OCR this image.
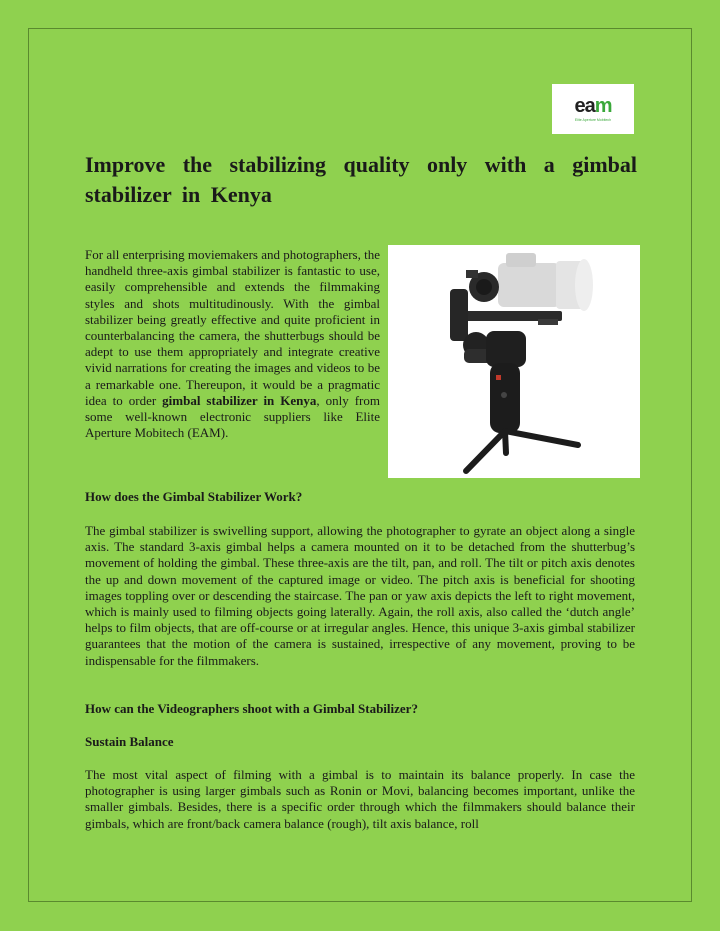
eam
Elite Aperture Mobitech
Improve the stabilizing quality only with a gimbal stabilizer in Kenya

For all enterprising moviemakers and photographers, the handheld three-axis gimbal stabilizer is fantastic to use, easily comprehensible and extends the filmmaking styles and shots multitudinously. With the gimbal stabilizer being greatly effective and quite proficient in counterbalancing the camera, the shutterbugs should be adept to use them appropriately and integrate creative vivid narrations for creating the images and videos to be a remarkable one. Thereupon, it would be a pragmatic idea to order gimbal stabilizer in Kenya, only from some well-known electronic suppliers like Elite Aperture Mobitech (EAM).

How does the Gimbal Stabilizer Work?

The gimbal stabilizer is swivelling support, allowing the photographer to gyrate an object along a single axis. The standard 3-axis gimbal helps a camera mounted on it to be detached from the shutterbug’s movement of holding the gimbal. These three-axis are the tilt, pan, and roll. The tilt or pitch axis denotes the up and down movement of the captured image or video. The pitch axis is beneficial for shooting images toppling over or descending the staircase. The pan or yaw axis depicts the left to right movement, which is mainly used to filming objects going laterally. Again, the roll axis, also called the ‘dutch angle’ helps to film objects, that are off-course or at irregular angles. Hence, this unique 3-axis gimbal stabilizer guarantees that the motion of the camera is sustained, irrespective of any movement, proving to be indispensable for the filmmakers.

How can the Videographers shoot with a Gimbal Stabilizer?
Sustain Balance

The most vital aspect of filming with a gimbal is to maintain its balance properly. In case the photographer is using larger gimbals such as Ronin or Movi, balancing becomes important, unlike the smaller gimbals. Besides, there is a specific order through which the filmmakers should balance their gimbals, which are front/back camera balance (rough), tilt axis balance, roll
